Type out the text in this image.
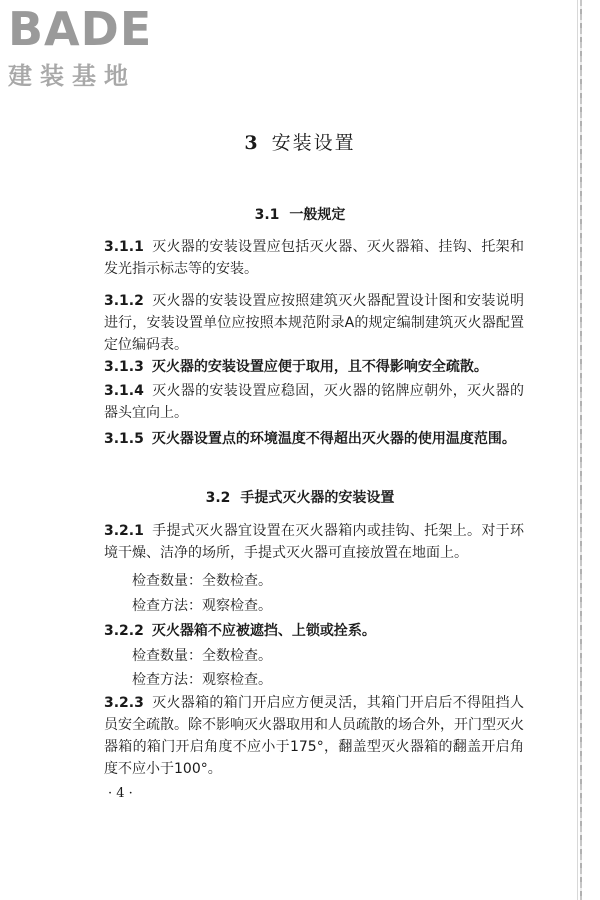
BADE
建装基地
3 安装设置
3.1 一般规定
3.1.1 灭火器的安装设置应包括灭火器、灭火器箱、挂钩、托架和发光指示标志等的安装。
3.1.2 灭火器的安装设置应按照建筑灭火器配置设计图和安装说明进行，安装设置单位应按照本规范附录A的规定编制建筑灭火器配置定位编码表。
3.1.3 灭火器的安装设置应便于取用，且不得影响安全疏散。
3.1.4 灭火器的安装设置应稳固，灭火器的铭牌应朝外，灭火器的器头宜向上。
3.1.5 灭火器设置点的环境温度不得超出灭火器的使用温度范围。
3.2 手提式灭火器的安装设置
3.2.1 手提式灭火器宜设置在灭火器箱内或挂钩、托架上。对于环境干燥、洁净的场所，手提式灭火器可直接放置在地面上。
检查数量：全数检查。
检查方法：观察检查。
3.2.2 灭火器箱不应被遮挡、上锁或拴系。
检查数量：全数检查。
检查方法：观察检查。
3.2.3 灭火器箱的箱门开启应方便灵活，其箱门开启后不得阻挡人员安全疏散。除不影响灭火器取用和人员疏散的场合外，开门型灭火器箱的箱门开启角度不应小于175°，翻盖型灭火器箱的翻盖开启角度不应小于100°。
· 4 ·
